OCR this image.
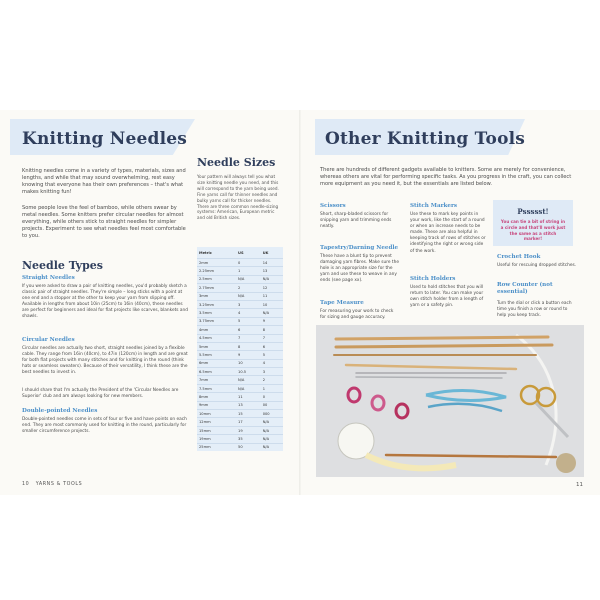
Knitting Needles
Knitting needles come in a variety of types, materials, sizes and lengths, and while that may sound overwhelming, rest easy knowing that everyone has their own preferences – that's what makes knitting fun!
Some people love the feel of bamboo, while others swear by metal needles. Some knitters prefer circular needles for almost everything, while others stick to straight needles for simpler projects. Experiment to see what needles feel most comfortable to you.
Needle Types
Straight Needles
If you were asked to draw a pair of knitting needles, you'd probably sketch a classic pair of straight needles. They're simple – long sticks with a point at one end and a stopper at the other to keep your yarn from slipping off. Available in lengths from about 10in (25cm) to 16in (40cm), these needles are perfect for beginners and ideal for flat projects like scarves, blankets and shawls.
Circular Needles
Circular needles are actually two short, straight needles joined by a flexible cable. They range from 16in (40cm), to 47in (120cm) in length and are great for both flat projects with many stitches and for knitting in the round (think hats or seamless sweaters). Because of their versatility, I think these are the best needles to invest in.
I should share that I'm actually the President of the 'Circular Needles are Superior' club and am always looking for new members.
Double-pointed Needles
Double-pointed needles come in sets of four or five and have points on each end. They are most commonly used for knitting in the round, particularly for smaller circumference projects.
Needle Sizes
Your pattern will always tell you what size knitting needle you need, and this will correspond to the yarn being used. Fine yarns call for thinner needles and bulky yarns call for thicker needles. There are three common needle-sizing systems: American, European metric and old British sizes.
Metric	US	UK
2mm	0	14
2.25mm	1	13
2.5mm	N/A	N/A
2.75mm	2	12
3mm	N/A	11
3.25mm	3	10
3.5mm	4	N/A
3.75mm	5	9
4mm	6	8
4.5mm	7	7
5mm	8	6
5.5mm	9	5
6mm	10	4
6.5mm	10.5	3
7mm	N/A	2
7.5mm	N/A	1
8mm	11	0
9mm	13	00
10mm	15	000
12mm	17	N/A
15mm	19	N/A
19mm	35	N/A
25mm	50	N/A
10 YARNS & TOOLS
Other Knitting Tools
There are hundreds of different gadgets available to knitters. Some are merely for convenience, whereas others are vital for performing specific tasks. As you progress in the craft, you can collect more equipment as you need it, but the essentials are listed below.
Scissors
Short, sharp-bladed scissors for snipping yarn and trimming ends neatly.
Tapestry/Darning Needle
These have a blunt tip to prevent damaging yarn fibres. Make sure the hole is an appropriate size for the yarn and use these to weave in any ends (see page xx).
Tape Measure
For measuring your work to check for sizing and gauge accuracy.
Stitch Markers
Use these to mark key points in your work, like the start of a round or when an increase needs to be made. These are also helpful in keeping track of rows of stitches or identifying the right or wrong side of the work.
Stitch Holders
Used to hold stitches that you will return to later. You can make your own stitch holder from a length of yarn or a safety pin.
Pssssst!
You can tie a bit of string in a circle and that'll work just the same as a stitch marker!
Crochet Hook
Useful for rescuing dropped stitches.
Row Counter (not essential)
Turn the dial or click a button each time you finish a row or round to help you keep track.
11
